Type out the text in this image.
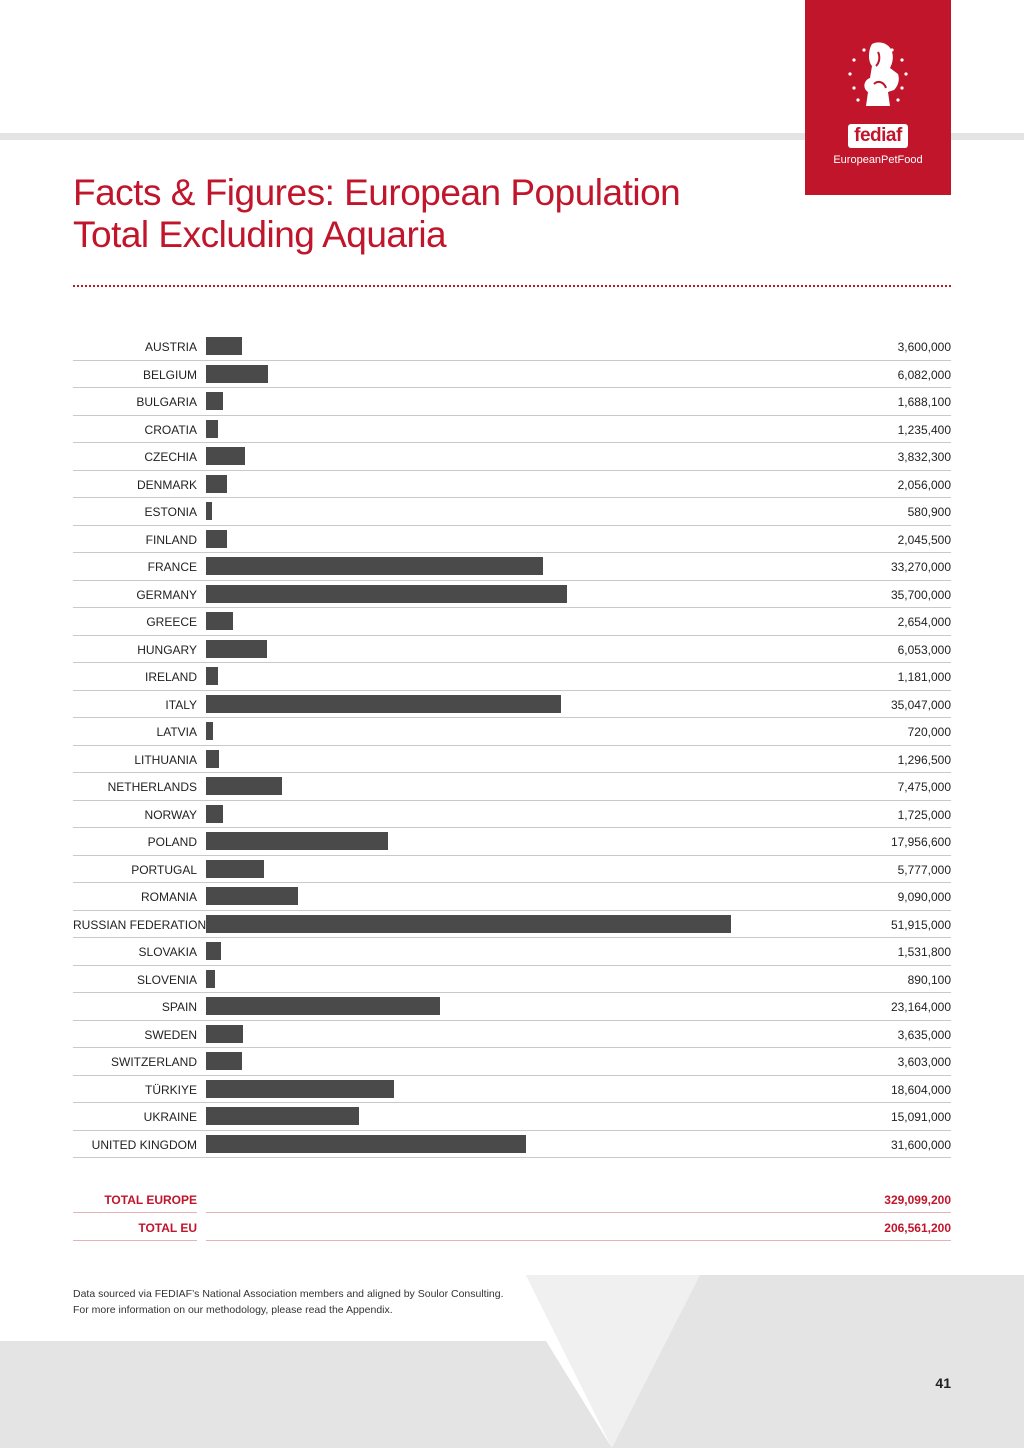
fediaf
EuropeanPetFood
Facts & Figures: European Population
Total Excluding Aquaria
AUSTRIA	3,600,000
BELGIUM	6,082,000
BULGARIA	1,688,100
CROATIA	1,235,400
CZECHIA	3,832,300
DENMARK	2,056,000
ESTONIA	580,900
FINLAND	2,045,500
FRANCE	33,270,000
GERMANY	35,700,000
GREECE	2,654,000
HUNGARY	6,053,000
IRELAND	1,181,000
ITALY	35,047,000
LATVIA	720,000
LITHUANIA	1,296,500
NETHERLANDS	7,475,000
NORWAY	1,725,000
POLAND	17,956,600
PORTUGAL	5,777,000
ROMANIA	9,090,000
RUSSIAN FEDERATION	51,915,000
SLOVAKIA	1,531,800
SLOVENIA	890,100
SPAIN	23,164,000
SWEDEN	3,635,000
SWITZERLAND	3,603,000
TÜRKIYE	18,604,000
UKRAINE	15,091,000
UNITED KINGDOM	31,600,000
TOTAL EUROPE	329,099,200
TOTAL EU	206,561,200
Data sourced via FEDIAF’s National Association members and aligned by Soulor Consulting.
For more information on our methodology, please read the Appendix.
41
